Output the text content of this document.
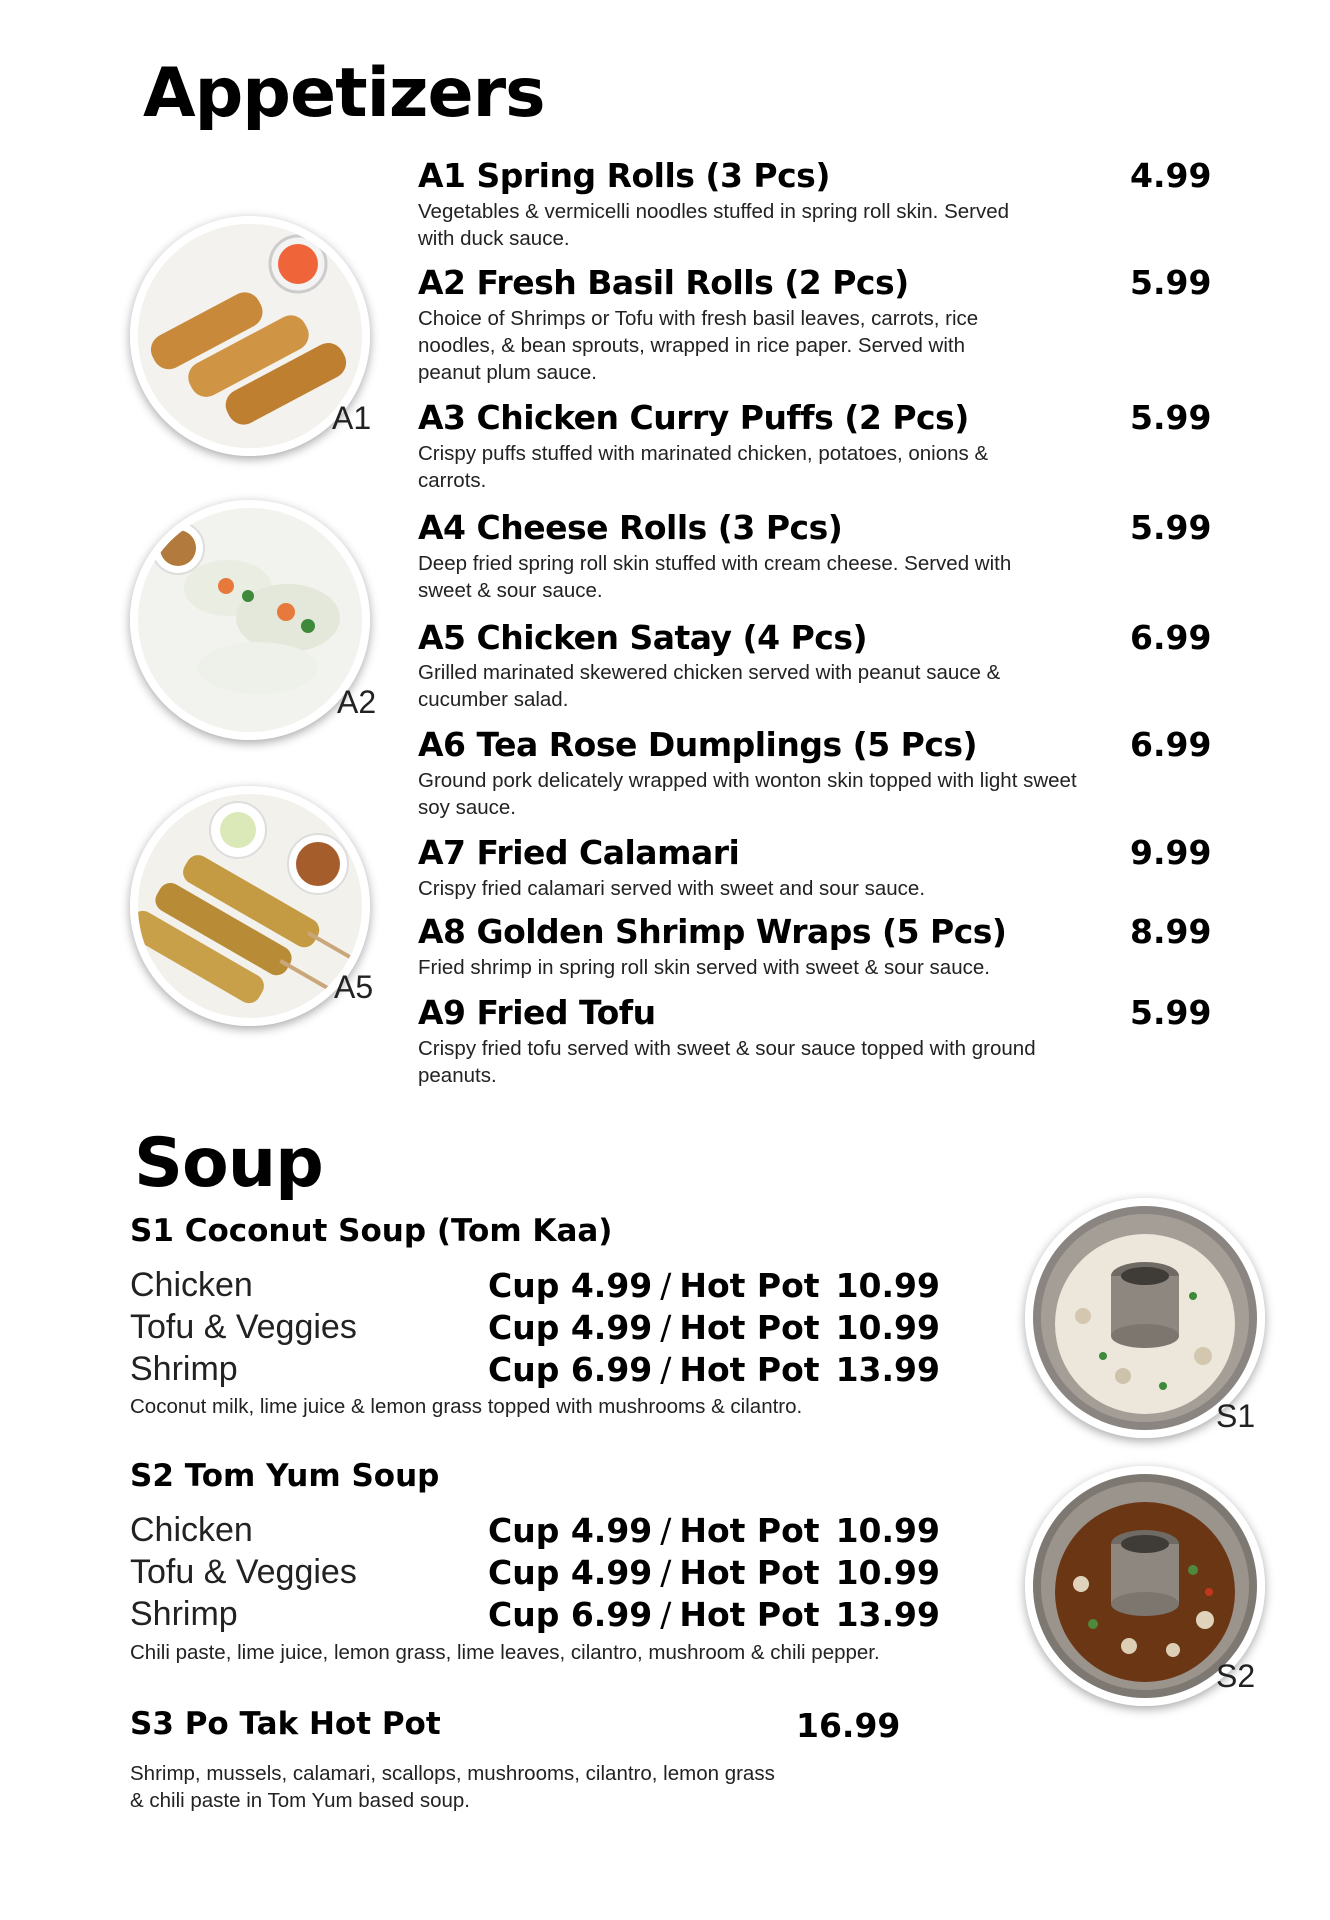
Appetizers
A1 Spring Rolls (3 Pcs)	4.99
Vegetables & vermicelli noodles stuffed in spring roll skin. Served with duck sauce.
A2 Fresh Basil Rolls (2 Pcs)	5.99
Choice of Shrimps or Tofu with fresh basil leaves, carrots, rice noodles, & bean sprouts, wrapped in rice paper. Served with peanut plum sauce.
A3 Chicken Curry Puffs (2 Pcs)	5.99
Crispy puffs stuffed with marinated chicken, potatoes, onions & carrots.
A4 Cheese Rolls (3 Pcs)	5.99
Deep fried spring roll skin stuffed with cream cheese. Served with sweet & sour sauce.
A5 Chicken Satay (4 Pcs)	6.99
Grilled marinated skewered chicken served with peanut sauce & cucumber salad.
A6 Tea Rose Dumplings (5 Pcs)	6.99
Ground pork delicately wrapped with wonton skin topped with light sweet soy sauce.
A7 Fried Calamari	9.99
Crispy fried calamari served with sweet and sour sauce.
A8 Golden Shrimp Wraps (5 Pcs)	8.99
Fried shrimp in spring roll skin served with sweet & sour sauce.
A9 Fried Tofu	5.99
Crispy fried tofu served with sweet & sour sauce topped with ground peanuts.
A1
A2
A5
Soup
S1 Coconut Soup (Tom Kaa)
Chicken	Cup 4.99 / Hot Pot 10.99
Tofu & Veggies	Cup 4.99 / Hot Pot 10.99
Shrimp	Cup 6.99 / Hot Pot 13.99
Coconut milk, lime juice & lemon grass topped with mushrooms & cilantro.
S2 Tom Yum Soup
Chicken	Cup 4.99 / Hot Pot 10.99
Tofu & Veggies	Cup 4.99 / Hot Pot 10.99
Shrimp	Cup 6.99 / Hot Pot 13.99
Chili paste, lime juice, lemon grass, lime leaves, cilantro, mushroom & chili pepper.
S3 Po Tak Hot Pot	16.99
Shrimp, mussels, calamari, scallops, mushrooms, cilantro, lemon grass
& chili paste in Tom Yum based soup.
S1
S2
